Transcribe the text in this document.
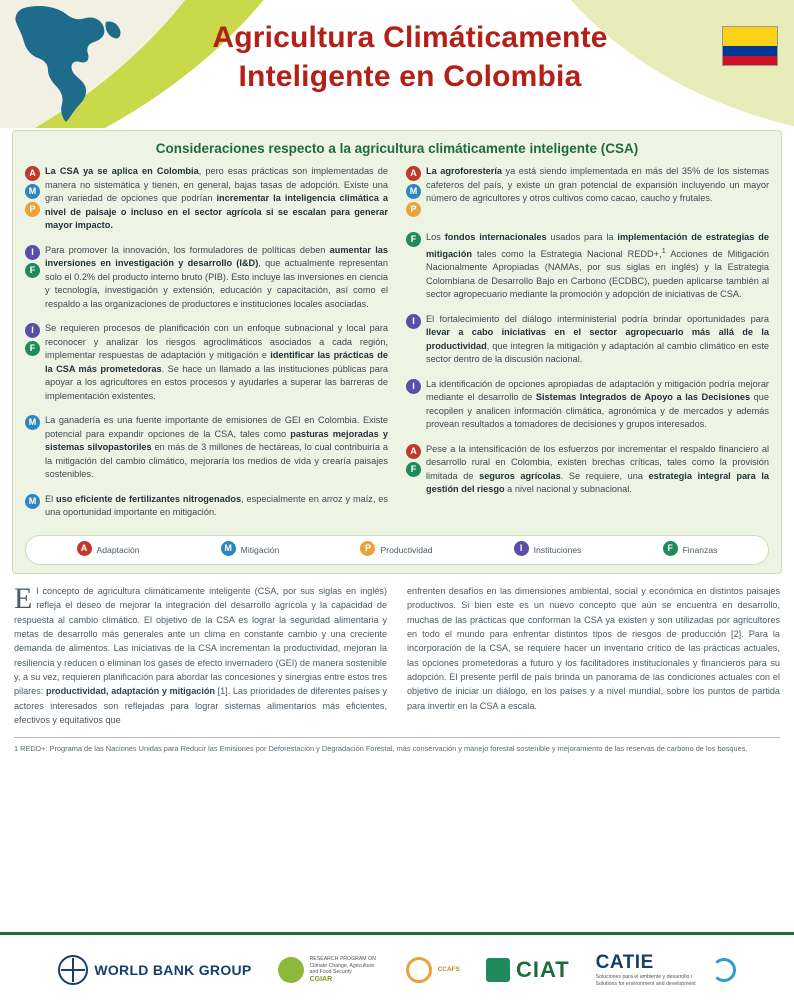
Agricultura Climáticamente
Inteligente en Colombia
Consideraciones respecto a la agricultura climáticamente inteligente (CSA)
A
M
P
La CSA ya se aplica en Colombia, pero esas prácticas son implementadas de manera no sistemática y tienen, en general, bajas tasas de adopción. Existe una gran variedad de opciones que podrían incrementar la inteligencia climática a nivel de paisaje o incluso en el sector agrícola si se escalan para generar mayor impacto.
I
F
Para promover la innovación, los formuladores de políticas deben aumentar las inversiones en investigación y desarrollo (I&D), que actualmente representan solo el 0.2% del producto interno bruto (PIB). Esto incluye las inversiones en ciencia y tecnología, investigación y extensión, educación y capacitación, así como el respaldo a las organizaciones de productores e instituciones locales asociadas.
I
F
Se requieren procesos de planificación con un enfoque subnacional y local para reconocer y analizar los riesgos agroclimáticos asociados a cada región, implementar respuestas de adaptación y mitigación e identificar las prácticas de la CSA más prometedoras. Se hace un llamado a las instituciones públicas para apoyar a los agricultores en estos procesos y ayudarles a superar las barreras de implementación existentes.
M La ganadería es una fuente importante de emisiones de GEI en Colombia. Existe potencial para expandir opciones de la CSA, tales como pasturas mejoradas y sistemas silvopastoriles en más de 3 millones de hectáreas, lo cual contribuiría a la mitigación del cambio climático, mejoraría los medios de vida y crearía paisajes sostenibles.
M El uso eficiente de fertilizantes nitrogenados, especialmente en arroz y maíz, es una oportunidad importante en mitigación.
A
M
P
La agroforestería ya está siendo implementada en más del 35% de los sistemas cafeteros del país, y existe un gran potencial de expansión incluyendo un mayor número de agricultores y otros cultivos como cacao, caucho y frutales.
F	Los fondos internacionales usados para la implementación de estrategias de mitigación tales como la Estrategia Nacional REDD+,$^1$ Acciones de Mitigación Nacionalmente Apropiadas (NAMAs, por sus siglas en inglés) y la Estrategia Colombiana de Desarrollo Bajo en Carbono (ECDBC), pueden aplicarse también al sector agropecuario mediante la promoción y adopción de iniciativas de CSA.
I	El fortalecimiento del diálogo interministerial podría brindar oportunidades para llevar a cabo iniciativas en el sector agropecuario más allá de la productividad, que integren la mitigación y adaptación al cambio climático en este sector dentro de la discusión nacional.
I	La identificación de opciones apropiadas de adaptación y mitigación podría mejorar mediante el desarrollo de Sistemas Integrados de Apoyo a las Decisiones que recopilen y analicen información climática, agronómica y de mercados y además provean resultados a tomadores de decisiones y grupos interesados.
A
F
Pese a la intensificación de los esfuerzos por incrementar el respaldo financiero al desarrollo rural en Colombia, existen brechas críticas, tales como la provisión limitada de seguros agrícolas. Se requiere, una estrategia integral para la gestión del riesgo a nivel nacional y subnacional.
A	Adaptación	M	Mitigación	P	Productividad	I	Instituciones	F	Finanzas
El concepto de agricultura climáticamente inteligente (CSA, por sus siglas en inglés) refleja el deseo de mejorar la integración del desarrollo agrícola y la capacidad de respuesta al cambio climático. El objetivo de la CSA es lograr la seguridad alimentaria y metas de desarrollo más generales ante un clima en constante cambio y una creciente demanda de alimentos. Las iniciativas de la CSA incrementan la productividad, mejoran la resiliencia y reducen o eliminan los gases de efecto invernadero (GEI) de manera sostenible y, a su vez, requieren planificación para abordar las concesiones y sinergias entre estos tres pilares: productividad, adaptación y mitigación [1]. Las prioridades de diferentes países y actores interesados son reflejadas para lograr sistemas alimentarios más eficientes, efectivos y equitativos que
enfrenten desafíos en las dimensiones ambiental, social y económica en distintos paisajes productivos. Si bien este es un nuevo concepto que aún se encuentra en desarrollo, muchas de las prácticas que conforman la CSA ya existen y son utilizadas por agricultores en todo el mundo para enfrentar distintos tipos de riesgos de producción [2]. Para la incorporación de la CSA, se requiere hacer un inventario crítico de las prácticas actuales, las opciones prometedoras a futuro y los facilitadores institucionales y financieros para su adopción. El presente perfil de país brinda un panorama de las condiciones actuales con el objetivo de iniciar un diálogo, en los países y a nivel mundial, sobre los puntos de partida para invertir en la CSA a escala.
1 REDD+: Programa de las Naciones Unidas para Reducir las Emisiones por Deforestación y Degradación Forestal, más conservación y manejo forestal sostenible y mejoramiento de las reservas de carbono de los bosques.
WORLD BANK GROUP
RESEARCH PROGRAM ON Climate Change, Agriculture and Food Security
CGIAR
CCAFS	CIAT CATIE
Soluciones para el ambiente y desarrollo / Solutions for environment and development
